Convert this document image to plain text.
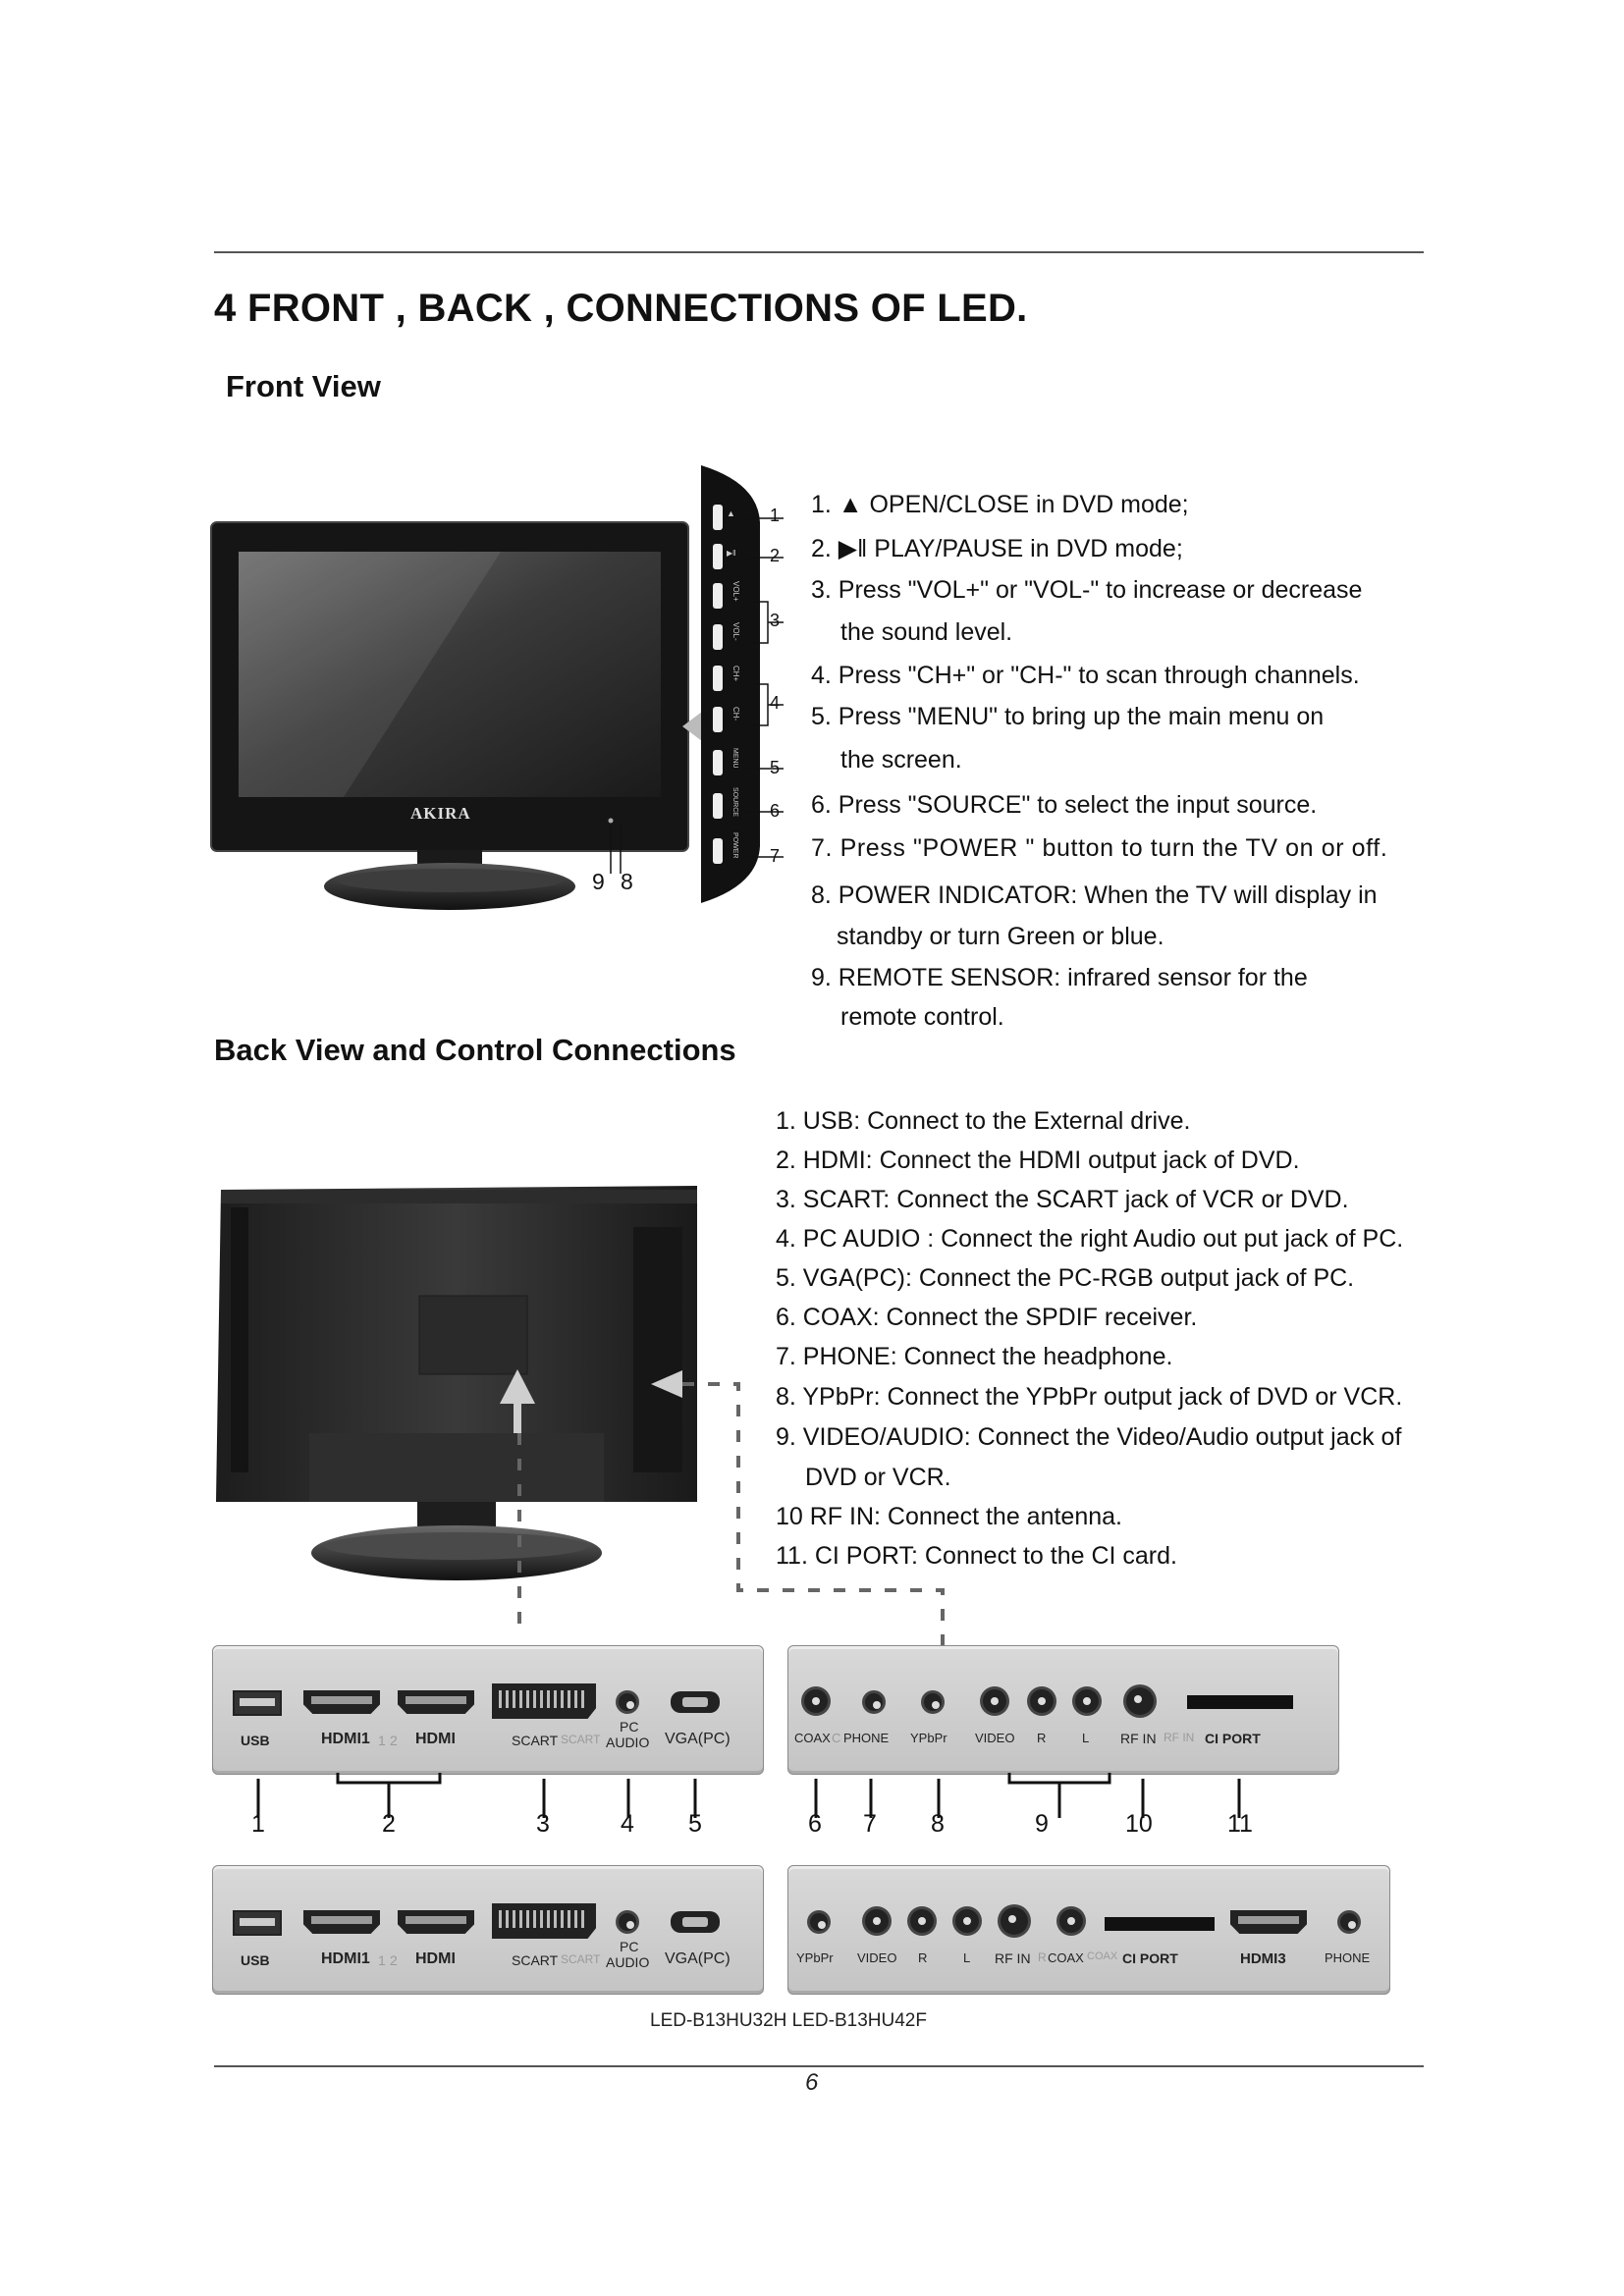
4 FRONT , BACK , CONNECTIONS OF LED.
Front View
AKIRA
9 8
▲
▶‖
VOL+
VOL-
CH+
CH-
MENU
SOURCE
POWER
1
2
3
4
5
6
7
1. ▲ OPEN/CLOSE in DVD mode;
2. ▶‖ PLAY/PAUSE in DVD mode;
3. Press "VOL+" or "VOL-" to increase or decrease
the sound level.
4. Press "CH+" or "CH-" to scan through channels.
5. Press "MENU" to bring up the main menu on
the screen.
6. Press "SOURCE" to select the input source.
7. Press "POWER " button to turn the TV on or off.
8. POWER INDICATOR: When the TV will display in
standby or turn Green or blue.
9. REMOTE SENSOR: infrared sensor for the
remote control.
Back View and Control Connections
1. USB: Connect to the External drive.
2. HDMI: Connect the HDMI output jack of DVD.
3. SCART: Connect the SCART jack of VCR or DVD.
4. PC AUDIO : Connect the right Audio out put jack of PC.
5. VGA(PC): Connect the PC-RGB output jack of PC.
6. COAX: Connect the SPDIF receiver.
7. PHONE: Connect the headphone.
8. YPbPr: Connect the YPbPr output jack of DVD or VCR.
9. VIDEO/AUDIO: Connect the Video/Audio output jack of
DVD or VCR.
10 RF IN: Connect the antenna.
11. CI PORT: Connect to the CI card.
USB	HDMI1 1 2 HDMI	SCART SCART
PC
AUDIO VGA(PC)	COAX C PHONE YPbPr VIDEO R	L RF IN RF IN CI PORT
1	2	3	4 5	6 7 8	9	10	11
USB	HDMI1 1 2 HDMI	SCART SCART
PC
AUDIO VGA(PC)	YPbPr VIDEO R	L RF IN R COAX COAX CI PORT	HDMI3	PHONE
LED-B13HU32H LED-B13HU42F
6
